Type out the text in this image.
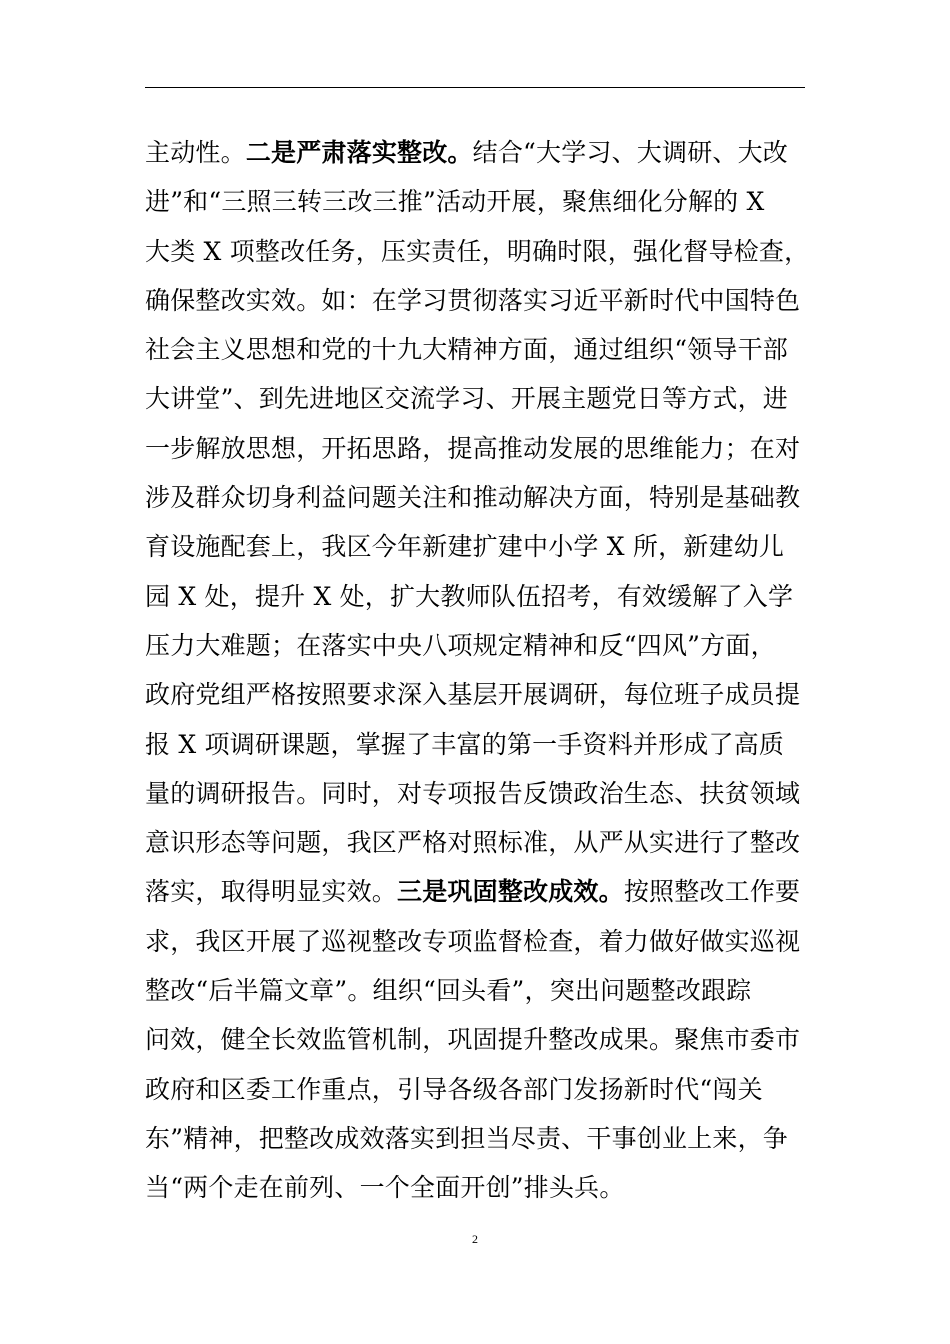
主动性。二是严肃落实整改。结合“大学习、大调研、大改
进”和“三照三转三改三推”活动开展，聚焦细化分解的 X
大类 X 项整改任务，压实责任，明确时限，强化督导检查，
确保整改实效。如：在学习贯彻落实习近平新时代中国特色
社会主义思想和党的十九大精神方面，通过组织“领导干部
大讲堂”、到先进地区交流学习、开展主题党日等方式，进
一步解放思想，开拓思路，提高推动发展的思维能力；在对
涉及群众切身利益问题关注和推动解决方面，特别是基础教
育设施配套上，我区今年新建扩建中小学 X 所，新建幼儿
园 X 处，提升 X 处，扩大教师队伍招考，有效缓解了入学
压力大难题；在落实中央八项规定精神和反“四风”方面，
政府党组严格按照要求深入基层开展调研，每位班子成员提
报 X 项调研课题，掌握了丰富的第一手资料并形成了高质
量的调研报告。同时，对专项报告反馈政治生态、扶贫领域
意识形态等问题，我区严格对照标准，从严从实进行了整改
落实，取得明显实效。三是巩固整改成效。按照整改工作要
求，我区开展了巡视整改专项监督检查，着力做好做实巡视
整改“后半篇文章”。组织“回头看”，突出问题整改跟踪
问效，健全长效监管机制，巩固提升整改成果。聚焦市委市
政府和区委工作重点，引导各级各部门发扬新时代“闯关
东”精神，把整改成效落实到担当尽责、干事创业上来，争
当“两个走在前列、一个全面开创”排头兵。
2
